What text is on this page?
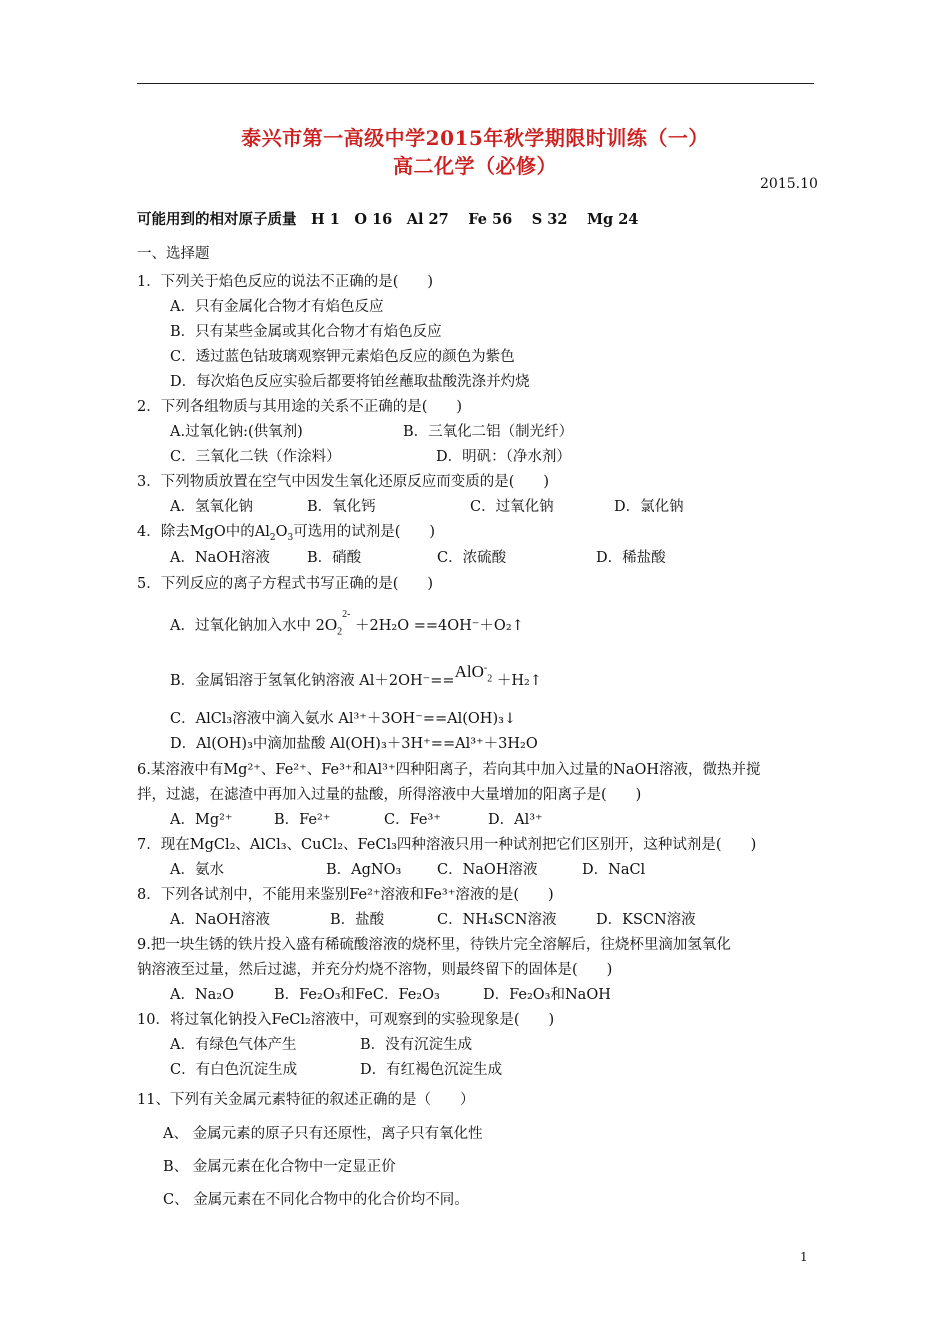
泰兴市第一高级中学2015年秋学期限时训练（一）
高二化学（必修）
2015.10
可能用到的相对原子质量　H 1　O 16　Al 27　 Fe 56　 S 32　 Mg 24
一、选择题
1．下列关于焰色反应的说法不正确的是(　　)
A．只有金属化合物才有焰色反应
B．只有某些金属或其化合物才有焰色反应
C．透过蓝色钴玻璃观察钾元素焰色反应的颜色为紫色
D．每次焰色反应实验后都要将铂丝蘸取盐酸洗涤并灼烧
2．下列各组物质与其用途的关系不正确的是(　　)
A.过氧化钠:(供氧剂)	B．三氧化二铝（制光纤）
C．三氧化二铁（作涂料）	D．明矾：（净水剂）
3．下列物质放置在空气中因发生氧化还原反应而变质的是(　　)
A．氢氧化钠	B．氧化钙	C．过氧化钠	D．氯化钠
4．除去MgO中的$Al_2O_3$可选用的试剂是(　　)
A．NaOH溶液	B．硝酸	C．浓硫酸	D．稀盐酸
5．下列反应的离子方程式书写正确的是(　　)
A．过氧化钠加入水中 $2O_2^{2-} +2H_2O$ ==4OH⁻＋O₂↑
B．金属铝溶于氢氧化钠溶液 Al＋2OH⁻==AlO-$_2$ ＋H₂↑
C．AlCl₃溶液中滴入氨水 Al³⁺＋3OH⁻==Al(OH)₃↓
D．Al(OH)₃中滴加盐酸 Al(OH)₃＋3H⁺==Al³⁺＋3H₂O
6.某溶液中有Mg²⁺、Fe²⁺、Fe³⁺和Al³⁺四种阳离子，若向其中加入过量的NaOH溶液，微热并搅
拌，过滤，在滤渣中再加入过量的盐酸，所得溶液中大量增加的阳离子是(　　)
A．Mg²⁺	B．Fe²⁺	C．Fe³⁺	D．Al³⁺
7．现在MgCl₂、AlCl₃、CuCl₂、FeCl₃四种溶液只用一种试剂把它们区别开，这种试剂是(　　)
A．氨水	B．AgNO₃ C．NaOH溶液	D．NaCl
8．下列各试剂中，不能用来鉴别Fe²⁺溶液和Fe³⁺溶液的是(　　)
A．NaOH溶液	B．盐酸	C．NH₄SCN溶液	D．KSCN溶液
9.把一块生锈的铁片投入盛有稀硫酸溶液的烧杯里，待铁片完全溶解后，往烧杯里滴加氢氧化
钠溶液至过量，然后过滤，并充分灼烧不溶物，则最终留下的固体是(　　)
A．Na₂O	B．Fe₂O₃和FeC．Fe₂O₃	D．Fe₂O₃和NaOH
10．将过氧化钠投入FeCl₂溶液中，可观察到的实验现象是(　　)
A．有绿色气体产生	B．没有沉淀生成
C．有白色沉淀生成	D．有红褐色沉淀生成
11、下列有关金属元素特征的叙述正确的是（　　）
A、 金属元素的原子只有还原性，离子只有氧化性
B、 金属元素在化合物中一定显正价
C、 金属元素在不同化合物中的化合价均不同。
1
